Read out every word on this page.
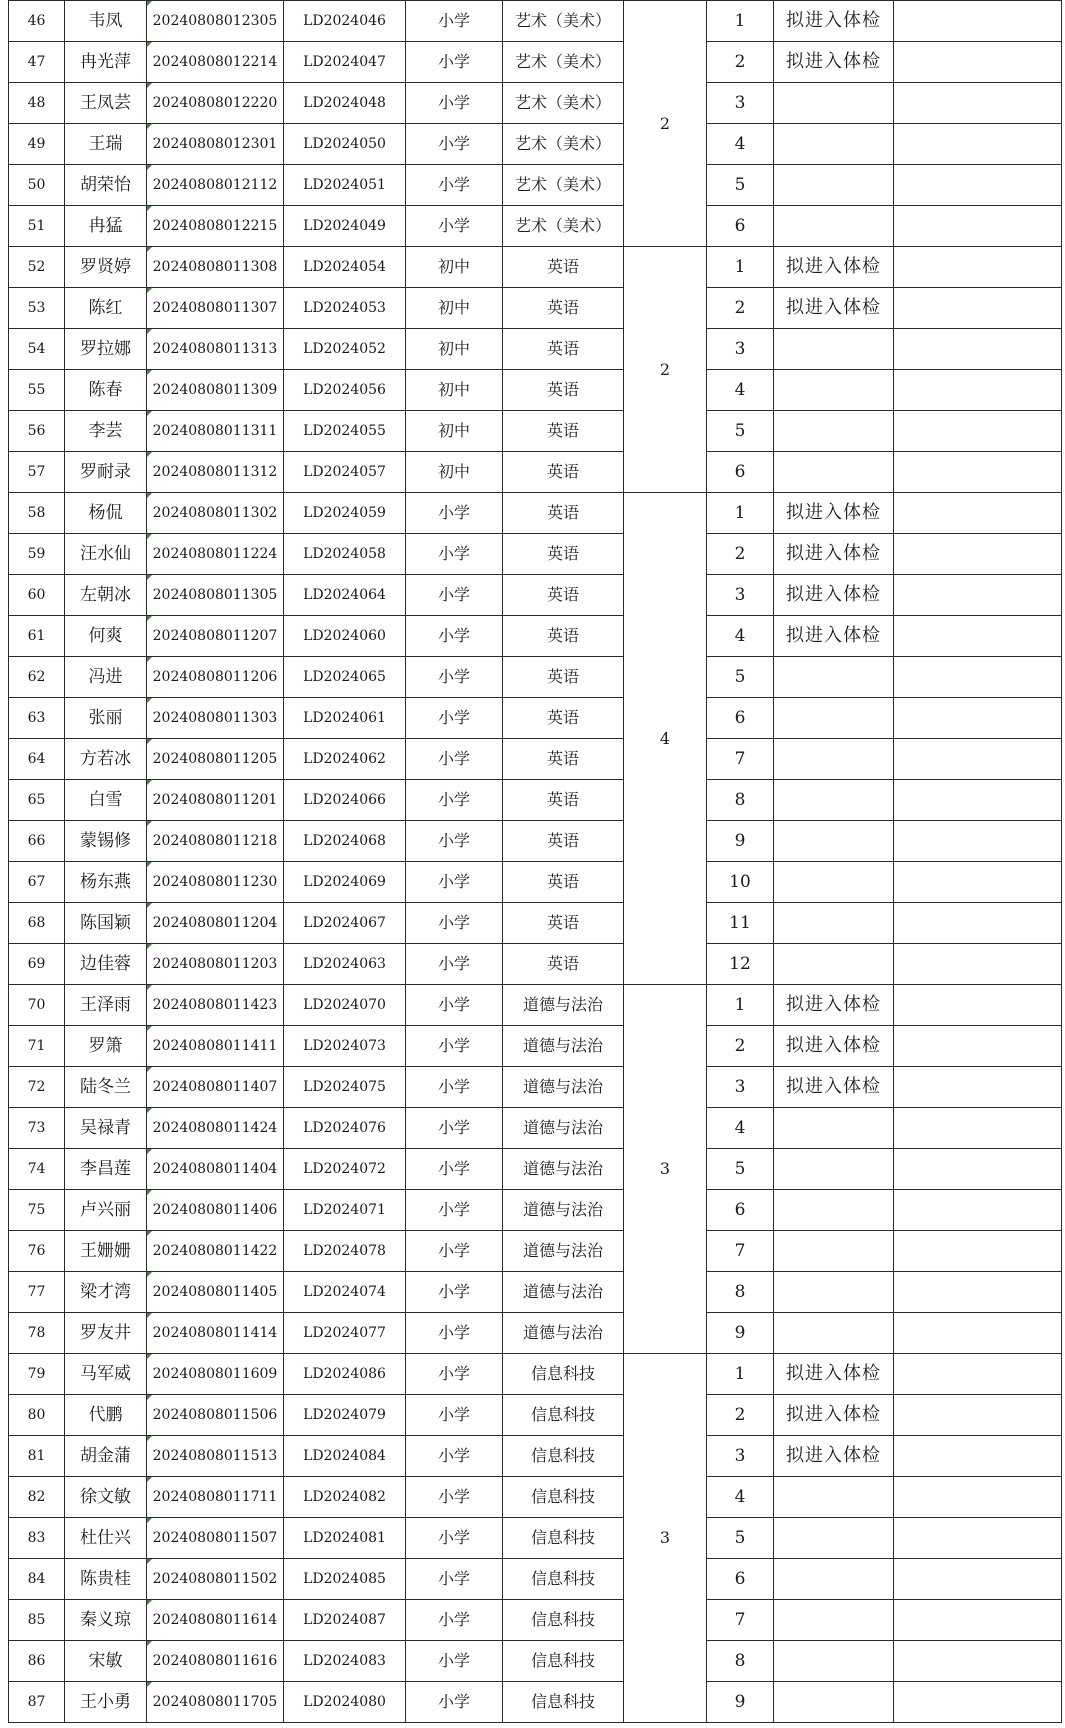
46	韦凤	20240808012305	LD2024046	小学	艺术（美术）	2	1	拟进入体检	
47	冉光萍	20240808012214	LD2024047	小学	艺术（美术）		2	拟进入体检	
48	王凤芸	20240808012220	LD2024048	小学	艺术（美术）		3		
49	王瑞	20240808012301	LD2024050	小学	艺术（美术）		4		
50	胡荣怡	20240808012112	LD2024051	小学	艺术（美术）		5		
51	冉猛	20240808012215	LD2024049	小学	艺术（美术）		6		
52	罗贤婷	20240808011308	LD2024054	初中	英语	2	1	拟进入体检	
53	陈红	20240808011307	LD2024053	初中	英语		2	拟进入体检	
54	罗拉娜	20240808011313	LD2024052	初中	英语		3		
55	陈春	20240808011309	LD2024056	初中	英语		4		
56	李芸	20240808011311	LD2024055	初中	英语		5		
57	罗耐录	20240808011312	LD2024057	初中	英语		6		
58	杨侃	20240808011302	LD2024059	小学	英语	4	1	拟进入体检	
59	汪水仙	20240808011224	LD2024058	小学	英语		2	拟进入体检	
60	左朝冰	20240808011305	LD2024064	小学	英语		3	拟进入体检	
61	何爽	20240808011207	LD2024060	小学	英语		4	拟进入体检	
62	冯进	20240808011206	LD2024065	小学	英语		5		
63	张丽	20240808011303	LD2024061	小学	英语		6		
64	方若冰	20240808011205	LD2024062	小学	英语		7		
65	白雪	20240808011201	LD2024066	小学	英语		8		
66	蒙锡修	20240808011218	LD2024068	小学	英语		9		
67	杨东燕	20240808011230	LD2024069	小学	英语		10		
68	陈国颖	20240808011204	LD2024067	小学	英语		11		
69	边佳蓉	20240808011203	LD2024063	小学	英语		12		
70	王泽雨	20240808011423	LD2024070	小学	道德与法治	3	1	拟进入体检	
71	罗箫	20240808011411	LD2024073	小学	道德与法治		2	拟进入体检	
72	陆冬兰	20240808011407	LD2024075	小学	道德与法治		3	拟进入体检	
73	吴禄青	20240808011424	LD2024076	小学	道德与法治		4		
74	李昌莲	20240808011404	LD2024072	小学	道德与法治		5		
75	卢兴丽	20240808011406	LD2024071	小学	道德与法治		6		
76	王姗姗	20240808011422	LD2024078	小学	道德与法治		7		
77	梁才湾	20240808011405	LD2024074	小学	道德与法治		8		
78	罗友井	20240808011414	LD2024077	小学	道德与法治		9		
79	马军威	20240808011609	LD2024086	小学	信息科技	3	1	拟进入体检	
80	代鹏	20240808011506	LD2024079	小学	信息科技		2	拟进入体检	
81	胡金蒲	20240808011513	LD2024084	小学	信息科技		3	拟进入体检	
82	徐文敏	20240808011711	LD2024082	小学	信息科技		4		
83	杜仕兴	20240808011507	LD2024081	小学	信息科技		5		
84	陈贵桂	20240808011502	LD2024085	小学	信息科技		6		
85	秦义琼	20240808011614	LD2024087	小学	信息科技		7		
86	宋敏	20240808011616	LD2024083	小学	信息科技		8		
87	王小勇	20240808011705	LD2024080	小学	信息科技		9		
